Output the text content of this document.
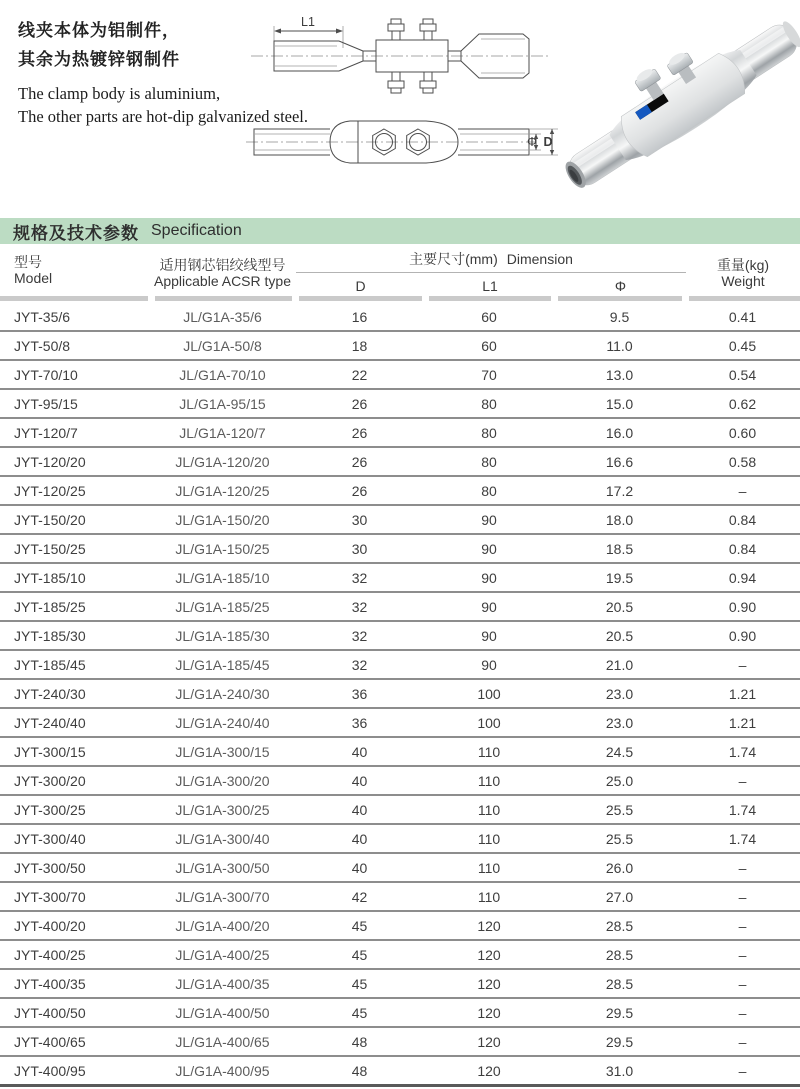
线夹本体为铝制件，
其余为热镀锌钢制件
The clamp body is aluminium,
The other parts are hot-dip galvanized steel.
L1
Φ D
规格及技术参数 Specification
型号
Model
适用钢芯铝绞线型号
Applicable ACSR type
主要尺寸(mm) Dimension
D	L1	Φ
重量(kg)
Weight
JYT-35/6	JL/G1A-35/6	16	60	9.5	0.41
JYT-50/8	JL/G1A-50/8	18	60	11.0	0.45
JYT-70/10	JL/G1A-70/10	22	70	13.0	0.54
JYT-95/15	JL/G1A-95/15	26	80	15.0	0.62
JYT-120/7	JL/G1A-120/7	26	80	16.0	0.60
JYT-120/20	JL/G1A-120/20	26	80	16.6	0.58
JYT-120/25	JL/G1A-120/25	26	80	17.2	–
JYT-150/20	JL/G1A-150/20	30	90	18.0	0.84
JYT-150/25	JL/G1A-150/25	30	90	18.5	0.84
JYT-185/10	JL/G1A-185/10	32	90	19.5	0.94
JYT-185/25	JL/G1A-185/25	32	90	20.5	0.90
JYT-185/30	JL/G1A-185/30	32	90	20.5	0.90
JYT-185/45	JL/G1A-185/45	32	90	21.0	–
JYT-240/30	JL/G1A-240/30	36	100	23.0	1.21
JYT-240/40	JL/G1A-240/40	36	100	23.0	1.21
JYT-300/15	JL/G1A-300/15	40	110	24.5	1.74
JYT-300/20	JL/G1A-300/20	40	110	25.0	–
JYT-300/25	JL/G1A-300/25	40	110	25.5	1.74
JYT-300/40	JL/G1A-300/40	40	110	25.5	1.74
JYT-300/50	JL/G1A-300/50	40	110	26.0	–
JYT-300/70	JL/G1A-300/70	42	110	27.0	–
JYT-400/20	JL/G1A-400/20	45	120	28.5	–
JYT-400/25	JL/G1A-400/25	45	120	28.5	–
JYT-400/35	JL/G1A-400/35	45	120	28.5	–
JYT-400/50	JL/G1A-400/50	45	120	29.5	–
JYT-400/65	JL/G1A-400/65	48	120	29.5	–
JYT-400/95	JL/G1A-400/95	48	120	31.0	–
